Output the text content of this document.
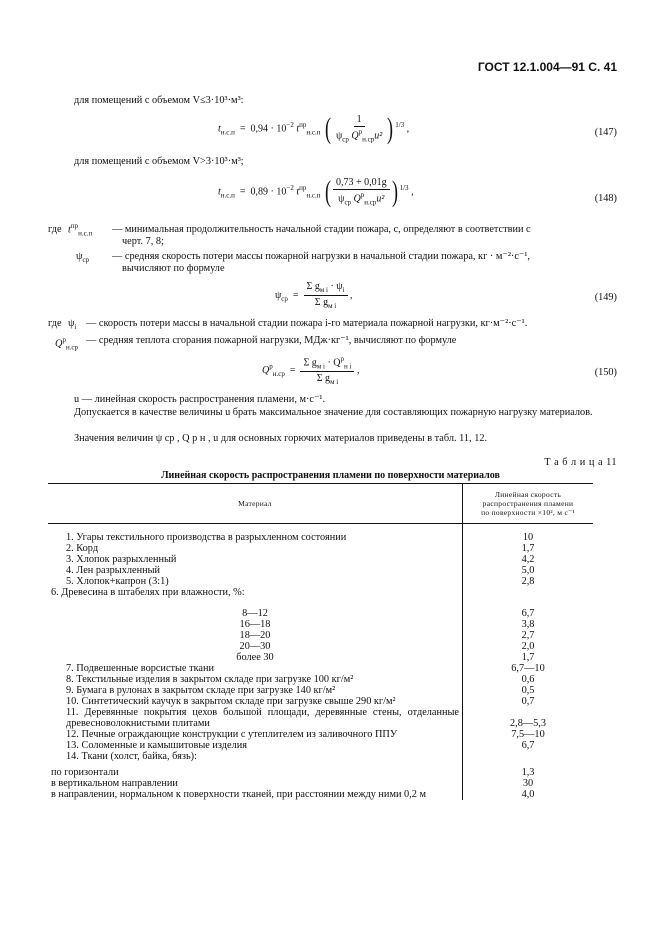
ГОСТ 12.1.004—91 С. 41
для помещений с объемом V≤3·10³·м³:
$t_{н.с.п} = 0,94 \cdot 10^{-2}$ $t^{пр}_{н.с.п}$ ( $\frac{1}{\psi_{ср} Q^р_{н.ср}u^2}$ ) $^{1/3}$ ,	(147)
для помещений с объемом V>3·10³·м³;
$t_{н.с.п} = 0,89 \cdot 10^{-2}$ $t^{пр}_{н.с.п}$ ( $\frac{0,73 + 0,01g}{\psi_{ср} Q^р_{н.ср}u^2}$ ) $^{1/3}$ ,
(148)
где $t^{пр}_{н.с.п}$ — минимальная продолжительность начальной стадии пожара, с, определяют в соответствии с
черт. 7, 8;
$\psi_{ср}$ — средняя скорость потери массы пожарной нагрузки в начальной стадии пожара, кг · м⁻²·с⁻¹,
вычисляют по формуле
$\psi_{ср} = \frac{\Sigma g_{м i} \cdot \psi_i}{\Sigma g_{м i}}$ ,	(149)
где $\psi_i$ — скорость потери массы в начальной стадии пожара i-го материала пожарной нагрузки, кг·м⁻²·с⁻¹.
$Q^р_{н.ср}$
— средняя теплота сгорания пожарной нагрузки, МДж·кг⁻¹, вычисляют по формуле
$Q^р_{н.ср} = \frac{\Sigma g_{м i} \cdot Q^р_{н i}}{\Sigma g_{м i}}$ ,	(150)
u — линейная скорость распространения пламени, м·с⁻¹.
Допускается в качестве величины u брать максимальное значение для составляющих пожарную нагрузку материалов.
Значения величин ψ ср , Q р н , u для основных горючих материалов приведены в табл. 11, 12.
Т а б л и ц а 11
Линейная скорость распространения пламени по поверхности материалов
Материал	Линейная скорость
распространения пламени
по поверхности ×10², м с⁻¹
1. Угары текстильного производства в разрыхленном состоянии	10
2. Корд	1,7
3. Хлопок разрыхленный	4,2
4. Лен разрыхленный	5,0
5. Хлопок+капрон (3:1)	2,8
6. Древесина в штабелях при влажности, %:	
8—12	6,7
16—18	3,8
18—20	2,7
20—30	2,0
более 30	1,7
7. Подвешенные ворсистые ткани	6,7—10
8. Текстильные изделия в закрытом складе при загрузке 100 кг/м²	0,6
9. Бумага в рулонах в закрытом складе при загрузке 140 кг/м²	0,5
10. Синтетический каучук в закрытом складе при загрузке свыше 290 кг/м²	0,7
11. Деревянные покрытия цехов большой площади, деревянные стены, отделанные древесноволокнистыми плитами	2,8—5,3
12. Печные ограждающие конструкции с утеплителем из заливочного ППУ	7,5—10
13. Соломенные и камышитовые изделия	6,7
14. Ткани (холст, байка, бязь):	
по горизонтали	1,3
в вертикальном направлении	30
в направлении, нормальном к поверхности тканей, при расстоянии между ними 0,2 м	4,0
